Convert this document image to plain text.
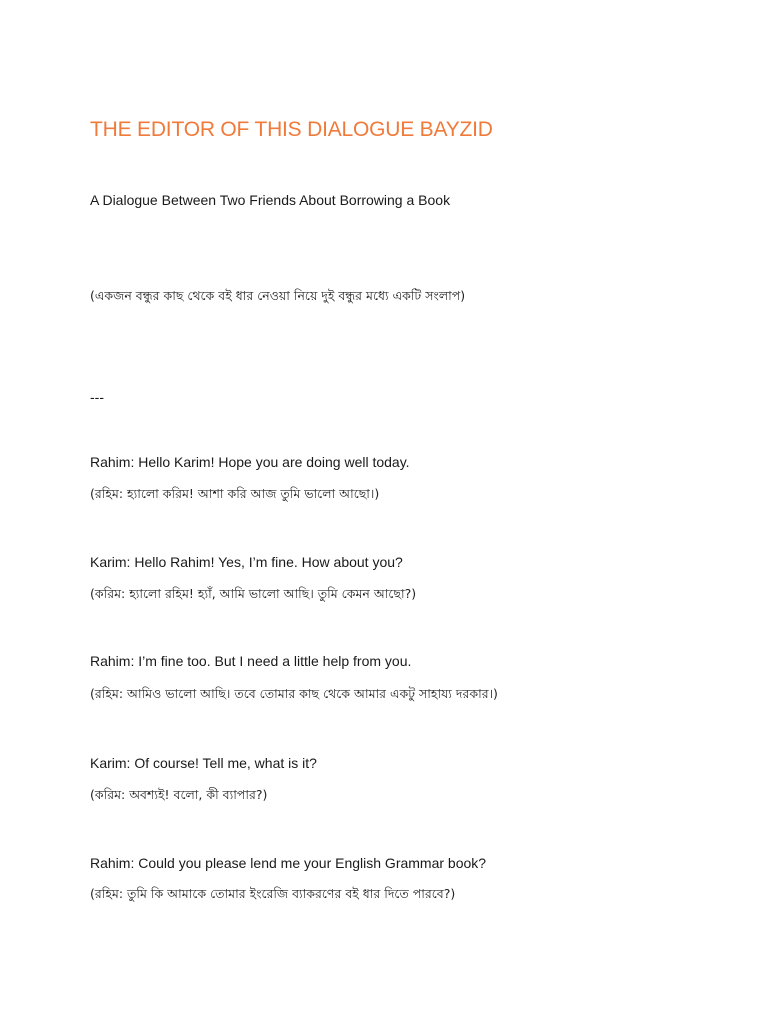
THE EDITOR OF THIS DIALOGUE BAYZID

A Dialogue Between Two Friends About Borrowing a Book

(একজন বন্ধুর কাছ থেকে বই ধার নেওয়া নিয়ে দুই বন্ধুর মধ্যে একটি সংলাপ)

---

Rahim: Hello Karim! Hope you are doing well today.

(রহিম: হ্যালো করিম! আশা করি আজ তুমি ভালো আছো।)

Karim: Hello Rahim! Yes, I’m fine. How about you?

(করিম: হ্যালো রহিম! হ্যাঁ, আমি ভালো আছি। তুমি কেমন আছো?)

Rahim: I’m fine too. But I need a little help from you.

(রহিম: আমিও ভালো আছি। তবে তোমার কাছ থেকে আমার একটু সাহায্য দরকার।)

Karim: Of course! Tell me, what is it?

(করিম: অবশ্যই! বলো, কী ব্যাপার?)

Rahim: Could you please lend me your English Grammar book?

(রহিম: তুমি কি আমাকে তোমার ইংরেজি ব্যাকরণের বই ধার দিতে পারবে?)
